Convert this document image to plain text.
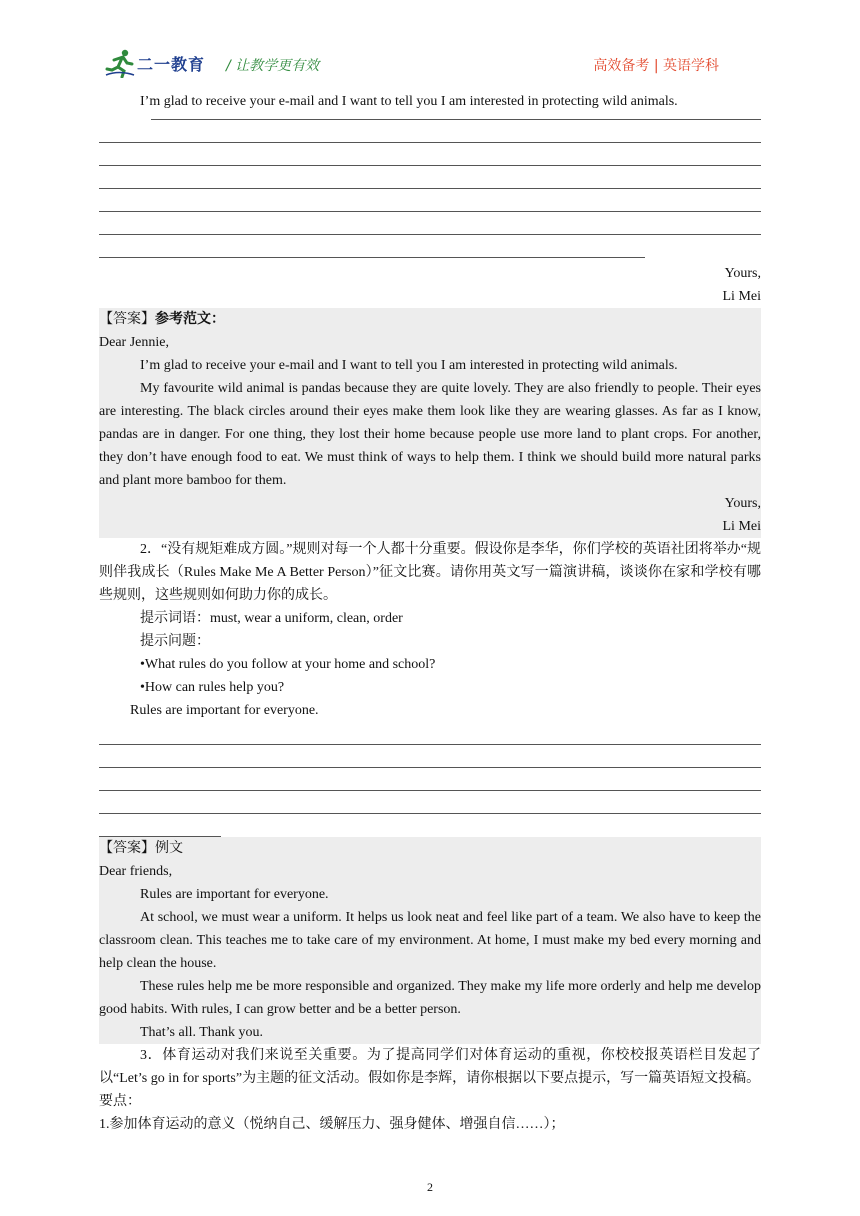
二一教育 / 让教学更有效	高效备考 | 英语学科

I’m glad to receive your e-mail and I want to tell you I am interested in protecting wild animals.

Yours,

Li Mei

【答案】参考范文：

Dear Jennie,

I’m glad to receive your e-mail and I want to tell you I am interested in protecting wild animals.

My favourite wild animal is pandas because they are quite lovely. They are also friendly to people. Their eyes are interesting. The black circles around their eyes make them look like they are wearing glasses. As far as I know, pandas are in danger. For one thing, they lost their home because people use more land to plant crops. For another, they don’t have enough food to eat. We must think of ways to help them. I think we should build more natural parks and plant more bamboo for them.

Yours,

Li Mei

2．“没有规矩难成方圆。”规则对每一个人都十分重要。假设你是李华，你们学校的英语社团将举办“规则伴我成长（Rules Make Me A Better Person）”征文比赛。请你用英文写一篇演讲稿，谈谈你在家和学校有哪些规则，这些规则如何助力你的成长。

提示词语：must, wear a uniform, clean, order

提示问题：

•What rules do you follow at your home and school?

•How can rules help you?

Rules are important for everyone.

【答案】例文

Dear friends,

Rules are important for everyone.

At school, we must wear a uniform. It helps us look neat and feel like part of a team. We also have to keep the classroom clean. This teaches me to take care of my environment. At home, I must make my bed every morning and help clean the house.

These rules help me be more responsible and organized. They make my life more orderly and help me develop good habits. With rules, I can grow better and be a better person.

That’s all. Thank you.

3．体育运动对我们来说至关重要。为了提高同学们对体育运动的重视，你校校报英语栏目发起了以“Let’s go in for sports”为主题的征文活动。假如你是李辉，请你根据以下要点提示，写一篇英语短文投稿。

要点：

1.参加体育运动的意义（悦纳自己、缓解压力、强身健体、增强自信……）；

2
